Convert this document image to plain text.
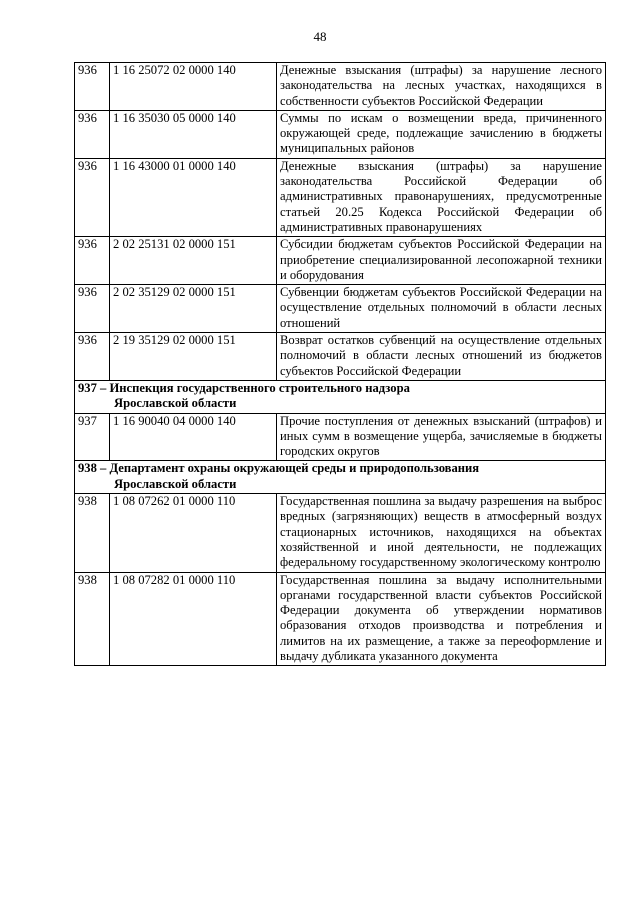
48
936	1 16 25072 02 0000 140	Денежные взыскания (штрафы) за нарушение лесного законодательства на лесных участках, находящихся в собственности субъектов Российской Федерации
936	1 16 35030 05 0000 140	Суммы по искам о возмещении вреда, причиненного окружающей среде, подлежащие зачислению в бюджеты муниципальных районов
936	1 16 43000 01 0000 140	Денежные взыскания (штрафы) за нарушение законодательства Российской Федерации об административных правонарушениях, предусмотренные статьей 20.25 Кодекса Российской Федерации об административных правонарушениях
936	2 02 25131 02 0000 151	Субсидии бюджетам субъектов Российской Федерации на приобретение специализированной лесопожарной техники и оборудования
936	2 02 35129 02 0000 151	Субвенции бюджетам субъектов Российской Федерации на осуществление отдельных полномочий в области лесных отношений
936	2 19 35129 02 0000 151	Возврат остатков субвенций на осуществление отдельных полномочий в области лесных отношений из бюджетов субъектов Российской Федерации

937 – Инспекция государственного строительного надзора
Ярославской области		

937	1 16 90040 04 0000 140	Прочие поступления от денежных взысканий (штрафов) и иных сумм в возмещение ущерба, зачисляемые в бюджеты городских округов

938 – Департамент охраны окружающей среды и природопользования
Ярославской области		

938	1 08 07262 01 0000 110	Государственная пошлина за выдачу разрешения на выброс вредных (загрязняющих) веществ в атмосферный воздух стационарных источников, находящихся на объектах хозяйственной и иной деятельности, не подлежащих федеральному государственному экологическому контролю
938	1 08 07282 01 0000 110	Государственная пошлина за выдачу исполнительными органами государственной власти субъектов Российской Федерации документа об утверждении нормативов образования отходов производства и потребления и лимитов на их размещение, а также за переоформление и выдачу дубликата указанного документа
